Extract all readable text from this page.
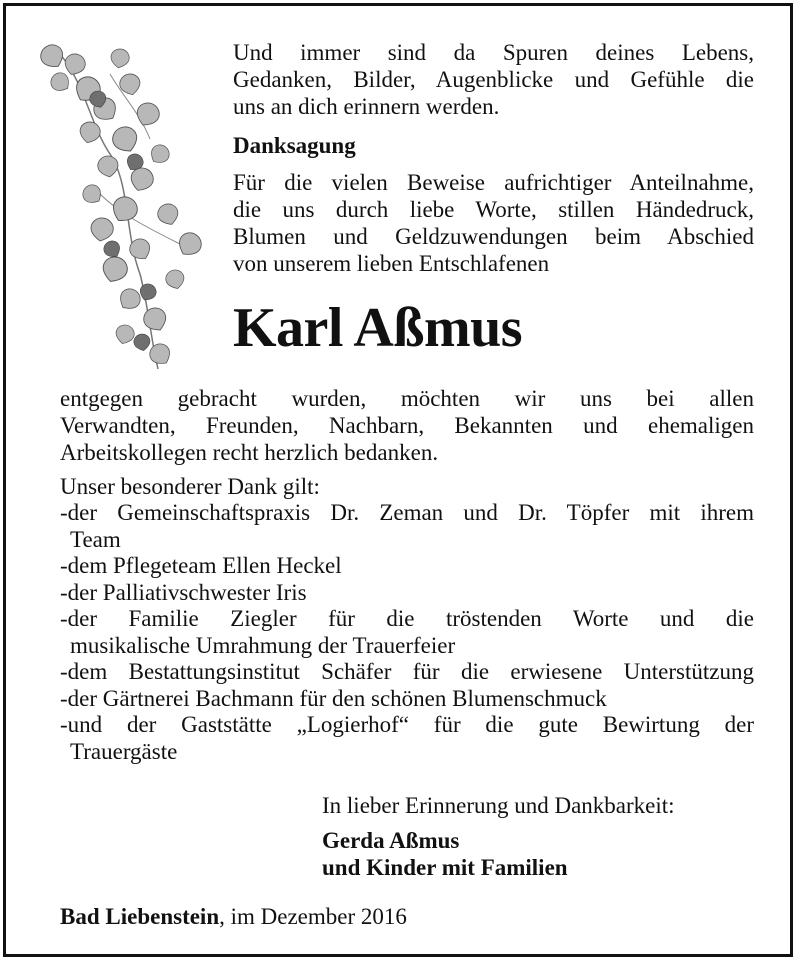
Und immer sind da Spuren deines Lebens,
Gedanken, Bilder, Augenblicke und Gefühle die
uns an dich erinnern werden.
Danksagung
Für die vielen Beweise aufrichtiger Anteilnahme,
die uns durch liebe Worte, stillen Händedruck,
Blumen und Geldzuwendungen beim Abschied
von unserem lieben Entschlafenen
Karl Aßmus
entgegen gebracht wurden, möchten wir uns bei allen
Verwandten, Freunden, Nachbarn, Bekannten und ehemaligen
Arbeitskollegen recht herzlich bedanken.
Unser besonderer Dank gilt:
-der Gemeinschaftspraxis Dr. Zeman und Dr. Töpfer mit ihrem
Team
-dem Pflegeteam Ellen Heckel
-der Palliativschwester Iris
-der Familie Ziegler für die tröstenden Worte und die
musikalische Umrahmung der Trauerfeier
-dem Bestattungsinstitut Schäfer für die erwiesene Unterstützung
-der Gärtnerei Bachmann für den schönen Blumenschmuck
-und der Gaststätte „Logierhof“ für die gute Bewirtung der
Trauergäste
In lieber Erinnerung und Dankbarkeit:
Gerda Aßmus
und Kinder mit Familien
Bad Liebenstein, im Dezember 2016
